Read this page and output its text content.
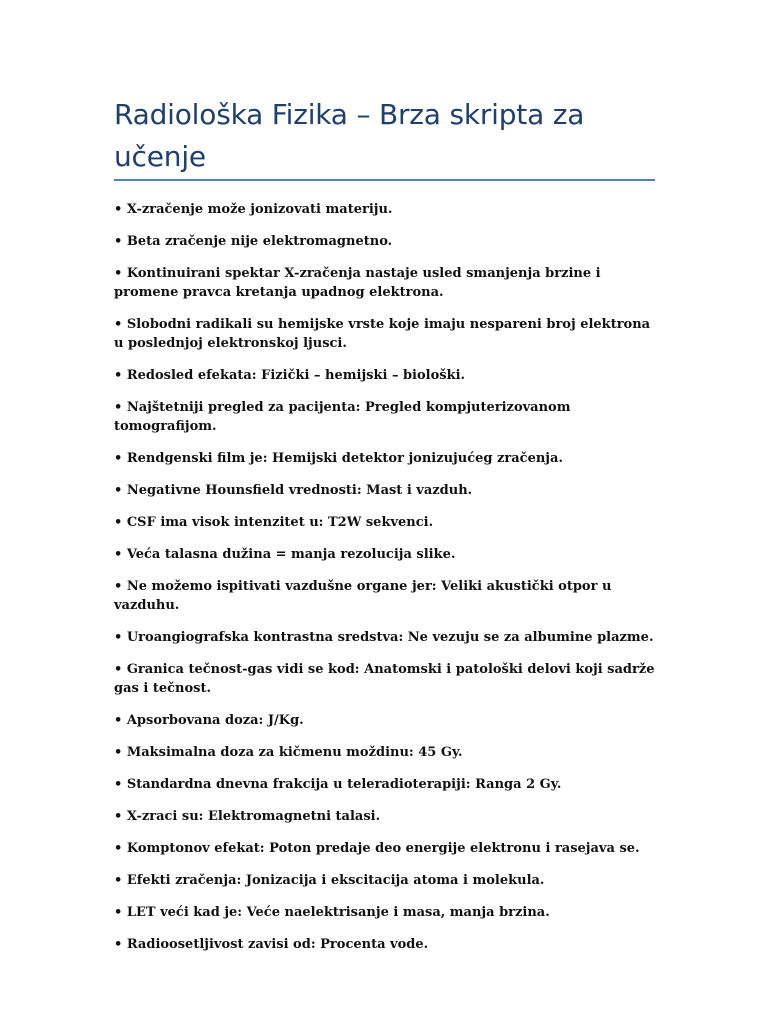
Radiološka Fizika – Brza skripta za učenje
• X-zračenje može jonizovati materiju.
• Beta zračenje nije elektromagnetno.
• Kontinuirani spektar X-zračenja nastaje usled smanjenja brzine i promene pravca kretanja upadnog elektrona.
• Slobodni radikali su hemijske vrste koje imaju nespareni broj elektrona u poslednjoj elektronskoj ljusci.
• Redosled efekata: Fizički – hemijski – biološki.
• Najštetniji pregled za pacijenta: Pregled kompjuterizovanom tomografijom.
• Rendgenski film je: Hemijski detektor jonizujućeg zračenja.
• Negativne Hounsfield vrednosti: Mast i vazduh.
• CSF ima visok intenzitet u: T2W sekvenci.
• Veća talasna dužina = manja rezolucija slike.
• Ne možemo ispitivati vazdušne organe jer: Veliki akustički otpor u vazduhu.
• Uroangiografska kontrastna sredstva: Ne vezuju se za albumine plazme.
• Granica tečnost-gas vidi se kod: Anatomski i patološki delovi koji sadrže gas i tečnost.
• Apsorbovana doza: J/Kg.
• Maksimalna doza za kičmenu moždinu: 45 Gy.
• Standardna dnevna frakcija u teleradioterapiji: Ranga 2 Gy.
• X-zraci su: Elektromagnetni talasi.
• Komptonov efekat: Poton predaje deo energije elektronu i rasejava se.
• Efekti zračenja: Jonizacija i ekscitacija atoma i molekula.
• LET veći kad je: Veće naelektrisanje i masa, manja brzina.
• Radioosetljivost zavisi od: Procenta vode.
